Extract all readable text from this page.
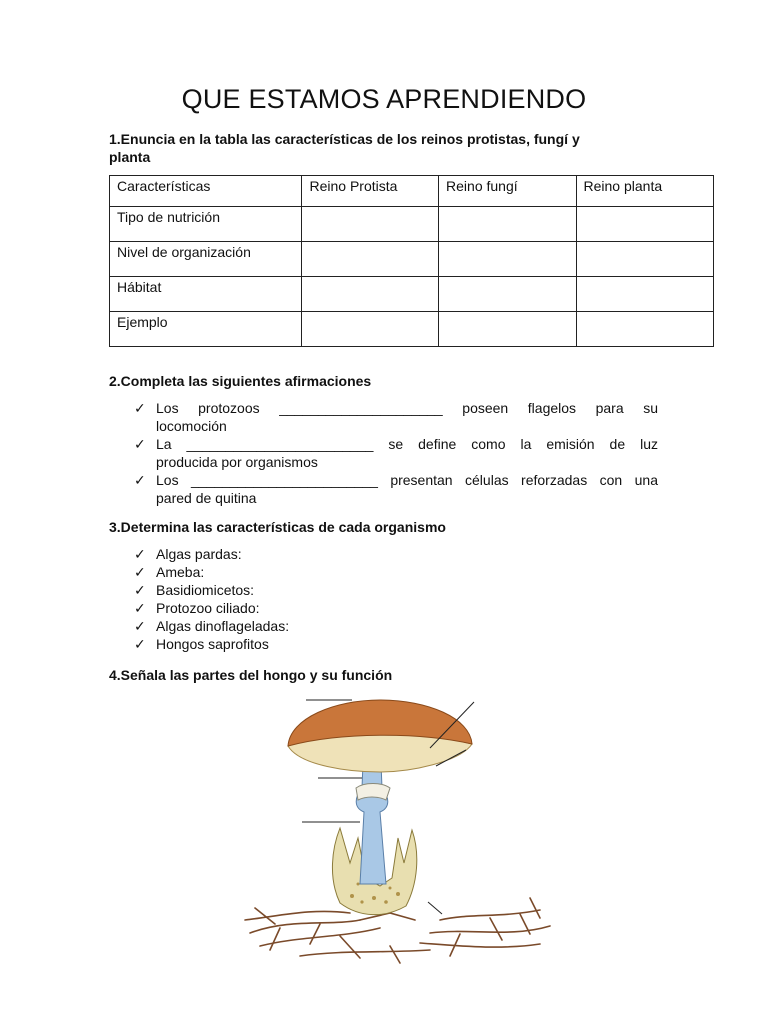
QUE ESTAMOS APRENDIENDO
1.Enuncia en la tabla las características de los reinos protistas, fungí y
planta
Características	Reino Protista	Reino fungí	Reino planta
Tipo de nutrición			
Nivel de organización			
Hábitat			
Ejemplo			
2.Completa las siguientes afirmaciones
✓ Los protozoos _____________________ poseen flagelos para su
locomoción
✓ La ________________________ se define como la emisión de luz
producida por organismos
✓ Los ________________________ presentan células reforzadas con una
pared de quitina
3.Determina las características de cada organismo
✓ Algas pardas:
✓ Ameba:
✓ Basidiomicetos:
✓ Protozoo ciliado:
✓ Algas dinoflageladas:
✓ Hongos saprofitos
4.Señala las partes del hongo y su función
